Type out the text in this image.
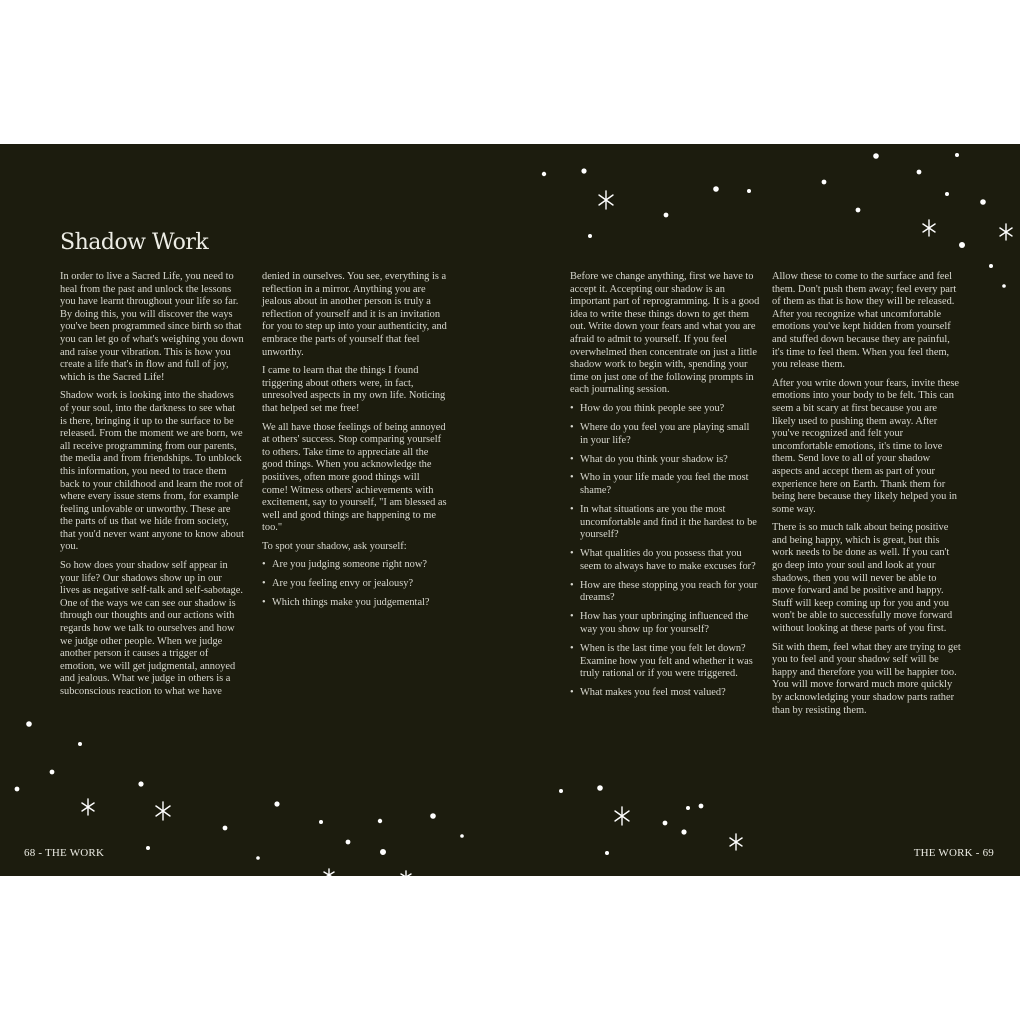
Shadow Work

In order to live a Sacred Life, you need to heal from the past and unlock the lessons you have learnt throughout your life so far. By doing this, you will discover the ways you've been programmed since birth so that you can let go of what's weighing you down and raise your vibration. This is how you create a life that's in flow and full of joy, which is the Sacred Life!

Shadow work is looking into the shadows of your soul, into the darkness to see what is there, bringing it up to the surface to be released. From the moment we are born, we all receive programming from our parents, the media and from friendships. To unblock this information, you need to trace them back to your childhood and learn the root of where every issue stems from, for example feeling unlovable or unworthy. These are the parts of us that we hide from society, that you'd never want anyone to know about you.

So how does your shadow self appear in your life? Our shadows show up in our lives as negative self-talk and self-sabotage. One of the ways we can see our shadow is through our thoughts and our actions with regards how we talk to ourselves and how we judge other people. When we judge another person it causes a trigger of emotion, we will get judgmental, annoyed and jealous. What we judge in others is a subconscious reaction to what we have

denied in ourselves. You see, everything is a reflection in a mirror. Anything you are jealous about in another person is truly a reflection of yourself and it is an invitation for you to step up into your authenticity, and embrace the parts of yourself that feel unworthy.

I came to learn that the things I found triggering about others were, in fact, unresolved aspects in my own life. Noticing that helped set me free!

We all have those feelings of being annoyed at others' success. Stop comparing yourself to others. Take time to appreciate all the good things. When you acknowledge the positives, often more good things will come! Witness others' achievements with excitement, say to yourself, "I am blessed as well and good things are happening to me too."

To spot your shadow, ask yourself:

• Are you judging someone right now?
• Are you feeling envy or jealousy?
• Which things make you judgemental?
68 - THE WORK

Before we change anything, first we have to accept it. Accepting our shadow is an important part of reprogramming. It is a good idea to write these things down to get them out. Write down your fears and what you are afraid to admit to yourself. If you feel overwhelmed then concentrate on just a little shadow work to begin with, spending your time on just one of the following prompts in each journaling session.

• How do you think people see you?
• Where do you feel you are playing small in your life?
• What do you think your shadow is?
• Who in your life made you feel the most shame?
• In what situations are you the most uncomfortable and find it the hardest to be yourself?
• What qualities do you possess that you seem to always have to make excuses for?
• How are these stopping you reach for your dreams?
• How has your upbringing influenced the way you show up for yourself?
• When is the last time you felt let down? Examine how you felt and whether it was truly rational or if you were triggered.
• What makes you feel most valued?

Allow these to come to the surface and feel them. Don't push them away; feel every part of them as that is how they will be released. After you recognize what uncomfortable emotions you've kept hidden from yourself and stuffed down because they are painful, it's time to feel them. When you feel them, you release them.

After you write down your fears, invite these emotions into your body to be felt. This can seem a bit scary at first because you are likely used to pushing them away. After you've recognized and felt your uncomfortable emotions, it's time to love them. Send love to all of your shadow aspects and accept them as part of your experience here on Earth. Thank them for being here because they likely helped you in some way.

There is so much talk about being positive and being happy, which is great, but this work needs to be done as well. If you can't go deep into your soul and look at your shadows, then you will never be able to move forward and be positive and happy. Stuff will keep coming up for you and you won't be able to successfully move forward without looking at these parts of you first.

Sit with them, feel what they are trying to get you to feel and your shadow self will be happy and therefore you will be happier too. You will move forward much more quickly by acknowledging your shadow parts rather than by resisting them.

THE WORK - 69
